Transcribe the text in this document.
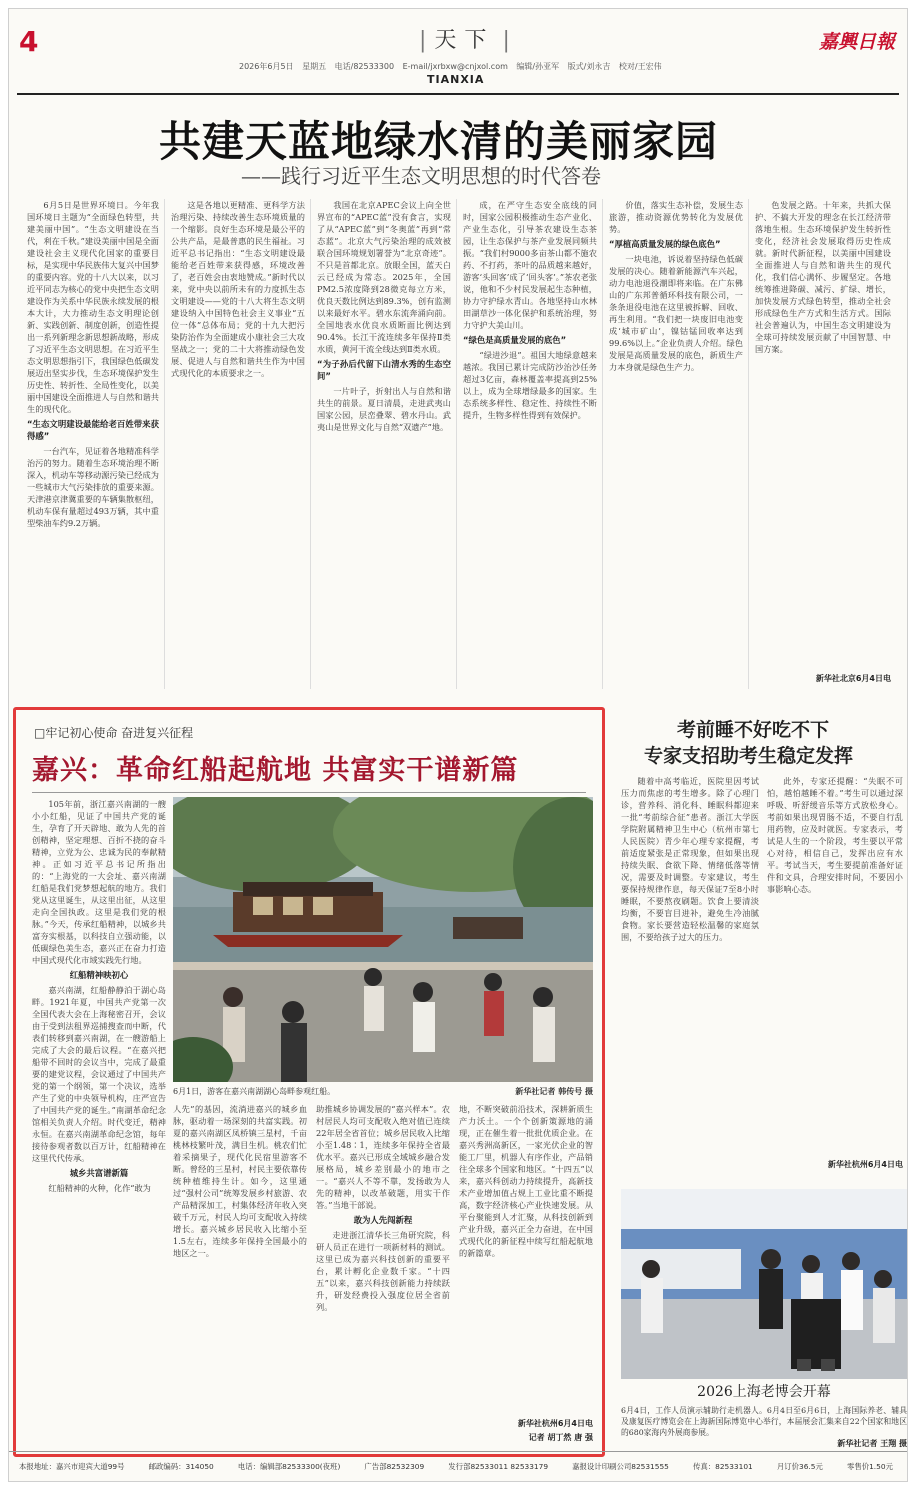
4
|	天下 |	嘉興日報
2026年6月5日 星期五 电话/82533300 E-mail/jxrbxw@cnjxol.com 编辑/孙亚军 版式/刘永吉 校对/王宏伟
TIANXIA
共建天蓝地绿水清的美丽家园
——践行习近平生态文明思想的时代答卷

6月5日是世界环境日。今年我国环境日主题为“全面绿色转型，共建美丽中国”。“生态文明建设在当代，利在千秋。”建设美丽中国是全面建设社会主义现代化国家的重要目标，是实现中华民族伟大复兴中国梦的重要内容。党的十八大以来，以习近平同志为核心的党中央把生态文明建设作为关系中华民族永续发展的根本大计，大力推动生态文明理论创新、实践创新、制度创新，创造性提出一系列新理念新思想新战略，形成了习近平生态文明思想。在习近平生态文明思想指引下，我国绿色低碳发展迈出坚实步伐，生态环境保护发生历史性、转折性、全局性变化，以美丽中国建设全面推进人与自然和谐共生的现代化。

“生态文明建设最能给老百姓带来获得感”

一台汽车，见证着各地精准科学治污的努力。随着生态环境治理不断深入，机动车等移动源污染已经成为一些城市大气污染排放的重要来源。天津港京津冀重要的车辆集散枢纽，机动车保有量超过493万辆，其中重型柴油车约9.2万辆。

这是各地以更精准、更科学方法治理污染、持续改善生态环境质量的一个缩影。良好生态环境是最公平的公共产品，是最普惠的民生福祉。习近平总书记指出：“生态文明建设最能给老百姓带来获得感，环境改善了，老百姓会由衷地赞成。”新时代以来，党中央以前所未有的力度抓生态文明建设——党的十八大将生态文明建设纳入中国特色社会主义事业“五位一体”总体布局；党的十九大把污染防治作为全面建成小康社会三大攻坚战之一；党的二十大将推动绿色发展、促进人与自然和谐共生作为中国式现代化的本质要求之一。

我国在北京APEC会议上向全世界宣布的“APEC蓝”没有食言，实现了从“APEC蓝”到“冬奥蓝”再到“常态蓝”。北京大气污染治理的成效被联合国环境规划署誉为“北京奇迹”。不只是首都北京。放眼全国，蓝天白云已经成为常态。2025年，全国PM2.5浓度降到28微克每立方米，优良天数比例达到89.3%，创有监测以来最好水平。碧水东流奔涌向前。全国地表水优良水质断面比例达到90.4%。长江干流连续多年保持Ⅱ类水质，黄河干流全线达到Ⅱ类水质。

“为子孙后代留下山清水秀的生态空间”

一片叶子，折射出人与自然和谐共生的前景。夏日清晨，走进武夷山国家公园，层峦叠翠、碧水丹山。武夷山是世界文化与自然“双遗产”地。

成，在严守生态安全底线的同时，国家公园积极推动生态产业化、产业生态化，引导茶农建设生态茶园，让生态保护与茶产业发展同频共振。“我们村9000多亩茶山都不施农药、不打药，茶叶的品质越来越好，游客‘头回客’成了‘回头客’。”茶农老张说，他和不少村民发展起生态种植，协力守护绿水青山。各地坚持山水林田湖草沙一体化保护和系统治理，努力守护大美山川。

“绿色是高质量发展的底色”

“绿进沙退”。祖国大地绿意越来越浓。我国已累计完成防沙治沙任务超过3亿亩，森林覆盖率提高到25%以上，成为全球增绿最多的国家。生态系统多样性、稳定性、持续性不断提升，生物多样性得到有效保护。

价值，落实生态补偿，发展生态旅游，推动资源优势转化为发展优势。

“厚植高质量发展的绿色底色”

一块电池，诉说着坚持绿色低碳发展的决心。随着新能源汽车兴起，动力电池退役潮即将来临。在广东佛山的广东邦普循环科技有限公司，一条条退役电池在这里被拆解、回收、再生利用。“我们把一块废旧电池变成‘城市矿山’，镍钴锰回收率达到99.6%以上。”企业负责人介绍。绿色发展是高质量发展的底色，新质生产力本身就是绿色生产力。

色发展之路。十年来，共抓大保护、不搞大开发的理念在长江经济带落地生根。生态环境保护发生转折性变化，经济社会发展取得历史性成就。新时代新征程，以美丽中国建设全面推进人与自然和谐共生的现代化，我们信心满怀、步履坚定。各地统筹推进降碳、减污、扩绿、增长，加快发展方式绿色转型，推动全社会形成绿色生产方式和生活方式。国际社会普遍认为，中国生态文明建设为全球可持续发展贡献了中国智慧、中国方案。

新华社北京6月4日电
□牢记初心使命 奋进复兴征程
嘉兴：革命红船起航地 共富实干谱新篇

105年前，浙江嘉兴南湖的一艘小小红船，见证了中国共产党的诞生，孕育了开天辟地、敢为人先的首创精神，坚定理想、百折不挠的奋斗精神，立党为公、忠诚为民的奉献精神。正如习近平总书记所指出的：“上海党的一大会址、嘉兴南湖红船是我们党梦想起航的地方。我们党从这里诞生，从这里出征，从这里走向全国执政。这里是我们党的根脉。”今天，传承红船精神，以城乡共富夯实根基，以科技自立强动能，以低碳绿色美生态，嘉兴正在奋力打造中国式现代化市域实践先行地。

红船精神映初心

嘉兴南湖，红船静静泊于湖心岛畔。1921年夏，中国共产党第一次全国代表大会在上海秘密召开，会议由于受到法租界巡捕搜查而中断，代表们转移到嘉兴南湖，在一艘游船上完成了大会的最后议程。“在嘉兴把船带不回时的会议当中，完成了最重要的建党议程，会议通过了中国共产党的第一个纲领，第一个决议，选举产生了党的中央领导机构，庄严宣告了中国共产党的诞生。”南湖革命纪念馆相关负责人介绍。时代变迁，精神永恒。在嘉兴南湖革命纪念馆，每年接待参观者数以百万计，红船精神在这里代代传承。

城乡共富谱新篇

红船精神的火种，化作“敢为

6月1日，游客在嘉兴南湖湖心岛畔参观红船。	新华社记者 韩传号 摄

人先”的基因，流淌进嘉兴的城乡血脉，驱动着一场深刻的共富实践。初夏的嘉兴南湖区凤桥镇三星村，千亩桃林枝繁叶茂，满目生机。桃农们忙着采摘果子，现代化民宿里游客不断。曾经的三星村，村民主要依靠传统种植维持生计。如今，这里通过“强村公司”统筹发展乡村旅游、农产品精深加工，村集体经济年收入突破千万元，村民人均可支配收入持续增长。嘉兴城乡居民收入比缩小至1.5左右，连续多年保持全国最小的地区之一。

助推城乡协调发展的“嘉兴样本”。农村居民人均可支配收入绝对值已连续22年居全省首位；城乡居民收入比缩小至1.48∶1，连续多年保持全省最优水平。嘉兴已形成全域城乡融合发展格局，城乡差别最小的地市之一。“嘉兴人不等不靠，发扬敢为人先的精神，以改革破题，用实干作答。”当地干部说。

敢为人先闯新程

走进浙江清华长三角研究院，科研人员正在进行一项新材料的测试。这里已成为嘉兴科技创新的重要平台，累计孵化企业数千家。“十四五”以来，嘉兴科技创新能力持续跃升，研发经费投入强度位居全省前列。

地，不断突破前沿技术，深耕新质生产力沃土。一个个创新策源地的涌现，正在催生着一批批优质企业。在嘉兴秀洲高新区，一家光伏企业的智能工厂里，机器人有序作业，产品销往全球多个国家和地区。“十四五”以来，嘉兴科创动力持续提升，高新技术产业增加值占规上工业比重不断提高，数字经济核心产业快速发展。从平台聚能到人才汇聚，从科技创新到产业升级，嘉兴正全力奋进，在中国式现代化的新征程中续写红船起航地的新篇章。

新华社杭州6月4日电
记者 胡丁然 唐 强
考前睡不好吃不下
专家支招助考生稳定发挥

随着中高考临近，医院里因考试压力而焦虑的考生增多。除了心理门诊，营养科、消化科、睡眠科都迎来一批“考前综合征”患者。浙江大学医学院附属精神卫生中心（杭州市第七人民医院）青少年心理专家提醒，考前适度紧张是正常现象，但如果出现持续失眠、食欲下降、情绪低落等情况，需要及时调整。专家建议，考生要保持规律作息，每天保证7至8小时睡眠，不要熬夜刷题。饮食上要清淡均衡，不要盲目进补，避免生冷油腻食物。家长要营造轻松温馨的家庭氛围，不要给孩子过大的压力。

此外，专家还提醒：“失眠不可怕，越怕越睡不着。”考生可以通过深呼吸、听舒缓音乐等方式放松身心。考前如果出现胃肠不适，不要自行乱用药物，应及时就医。专家表示，考试是人生的一个阶段，考生要以平常心对待，相信自己，发挥出应有水平。考试当天，考生要提前准备好证件和文具，合理安排时间，不要因小事影响心态。

新华社杭州6月4日电
2026上海老博会开幕
6月4日，工作人员演示辅助行走机器人。6月4日至6月6日，上海国际养老、辅具及康复医疗博览会在上海新国际博览中心举行，本届展会汇集来自22个国家和地区的680家海内外展商参展。
新华社记者 王翔 摄
本报地址：嘉兴市迎宾大道99号	邮政编码：314050	电话：编辑部82533300(夜班)	广告部82532309	发行部82533011 82533179	嘉报设计印刷公司82531555	传真：82533101	月订价36.5元	零售价1.50元
